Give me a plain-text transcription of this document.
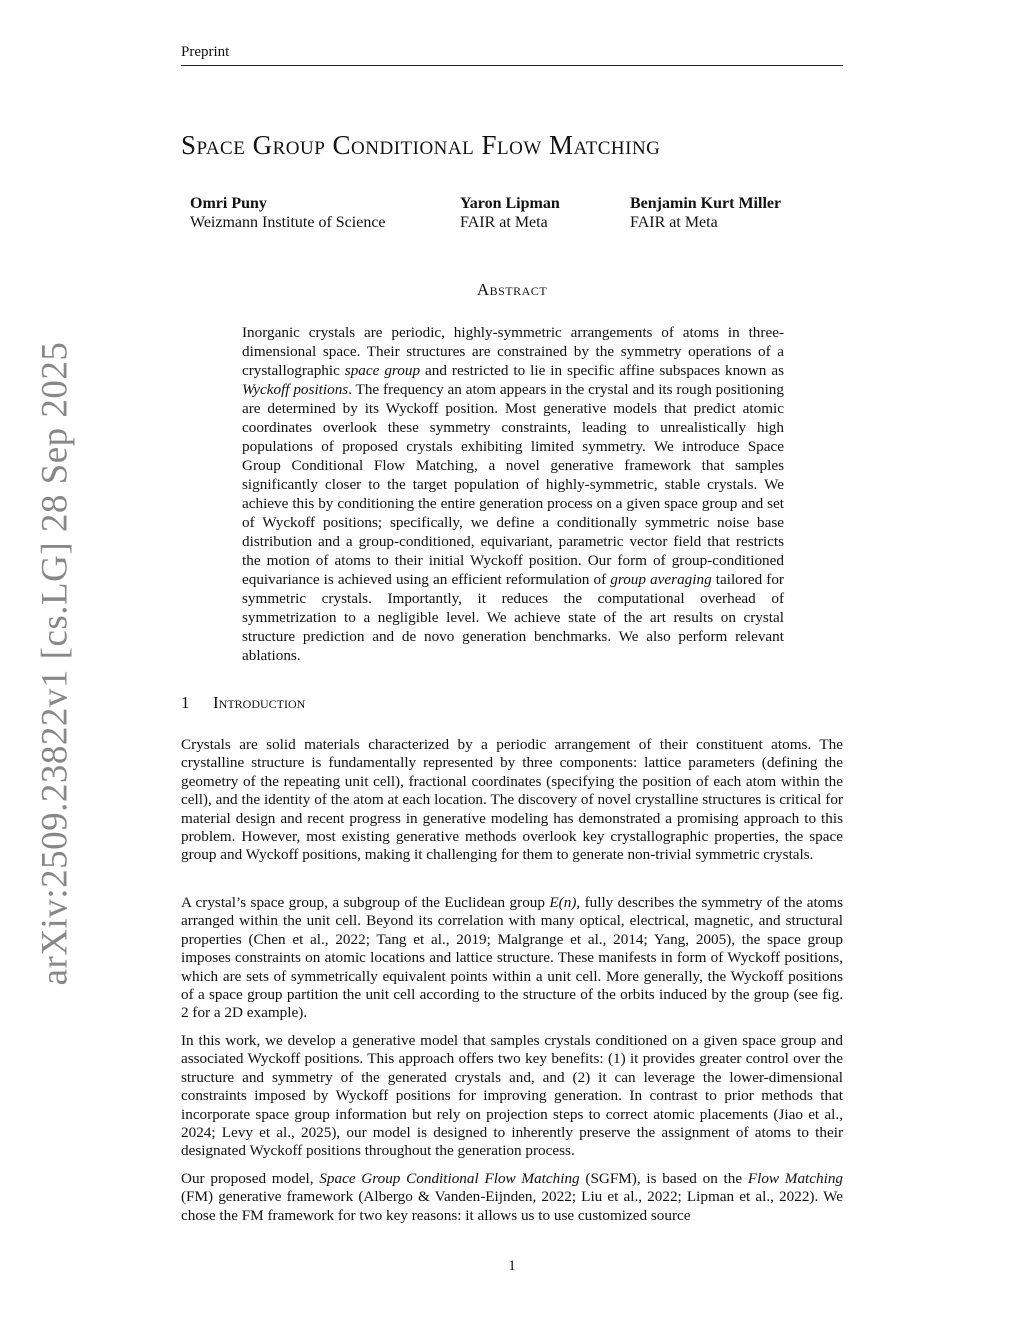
Preprint
arXiv:2509.23822v1 [cs.LG] 28 Sep 2025
Space Group Conditional Flow Matching
Omri Puny
Weizmann Institute of Science
Yaron Lipman
FAIR at Meta
Benjamin Kurt Miller
FAIR at Meta
Abstract

Inorganic crystals are periodic, highly-symmetric arrangements of atoms in three-dimensional space. Their structures are constrained by the symmetry operations of a crystallographic space group and restricted to lie in specific affine subspaces known as Wyckoff positions. The frequency an atom appears in the crystal and its rough positioning are determined by its Wyckoff position. Most generative models that predict atomic coordinates overlook these symmetry constraints, leading to unrealistically high populations of proposed crystals exhibiting limited symmetry. We introduce Space Group Conditional Flow Matching, a novel generative framework that samples significantly closer to the target population of highly-symmetric, stable crystals. We achieve this by conditioning the entire generation process on a given space group and set of Wyckoff positions; specifically, we define a conditionally symmetric noise base distribution and a group-conditioned, equivariant, parametric vector field that restricts the motion of atoms to their initial Wyckoff position. Our form of group-conditioned equivariance is achieved using an efficient reformulation of group averaging tailored for symmetric crystals. Importantly, it reduces the computational overhead of symmetrization to a negligible level. We achieve state of the art results on crystal structure prediction and de novo generation benchmarks. We also perform relevant ablations.

1 Introduction

Crystals are solid materials characterized by a periodic arrangement of their constituent atoms. The crystalline structure is fundamentally represented by three components: lattice parameters (defining the geometry of the repeating unit cell), fractional coordinates (specifying the position of each atom within the cell), and the identity of the atom at each location. The discovery of novel crystalline structures is critical for material design and recent progress in generative modeling has demonstrated a promising approach to this problem. However, most existing generative methods overlook key crystallographic properties, the space group and Wyckoff positions, making it challenging for them to generate non-trivial symmetric crystals.

A crystal’s space group, a subgroup of the Euclidean group E(n), fully describes the symmetry of the atoms arranged within the unit cell. Beyond its correlation with many optical, electrical, magnetic, and structural properties (Chen et al., 2022; Tang et al., 2019; Malgrange et al., 2014; Yang, 2005), the space group imposes constraints on atomic locations and lattice structure. These manifests in form of Wyckoff positions, which are sets of symmetrically equivalent points within a unit cell. More generally, the Wyckoff positions of a space group partition the unit cell according to the structure of the orbits induced by the group (see fig. 2 for a 2D example).

In this work, we develop a generative model that samples crystals conditioned on a given space group and associated Wyckoff positions. This approach offers two key benefits: (1) it provides greater control over the structure and symmetry of the generated crystals and, and (2) it can leverage the lower-dimensional constraints imposed by Wyckoff positions for improving generation. In contrast to prior methods that incorporate space group information but rely on projection steps to correct atomic placements (Jiao et al., 2024; Levy et al., 2025), our model is designed to inherently preserve the assignment of atoms to their designated Wyckoff positions throughout the generation process.

Our proposed model, Space Group Conditional Flow Matching (SGFM), is based on the Flow Matching (FM) generative framework (Albergo & Vanden-Eijnden, 2022; Liu et al., 2022; Lipman et al., 2022). We chose the FM framework for two key reasons: it allows us to use customized source

1
